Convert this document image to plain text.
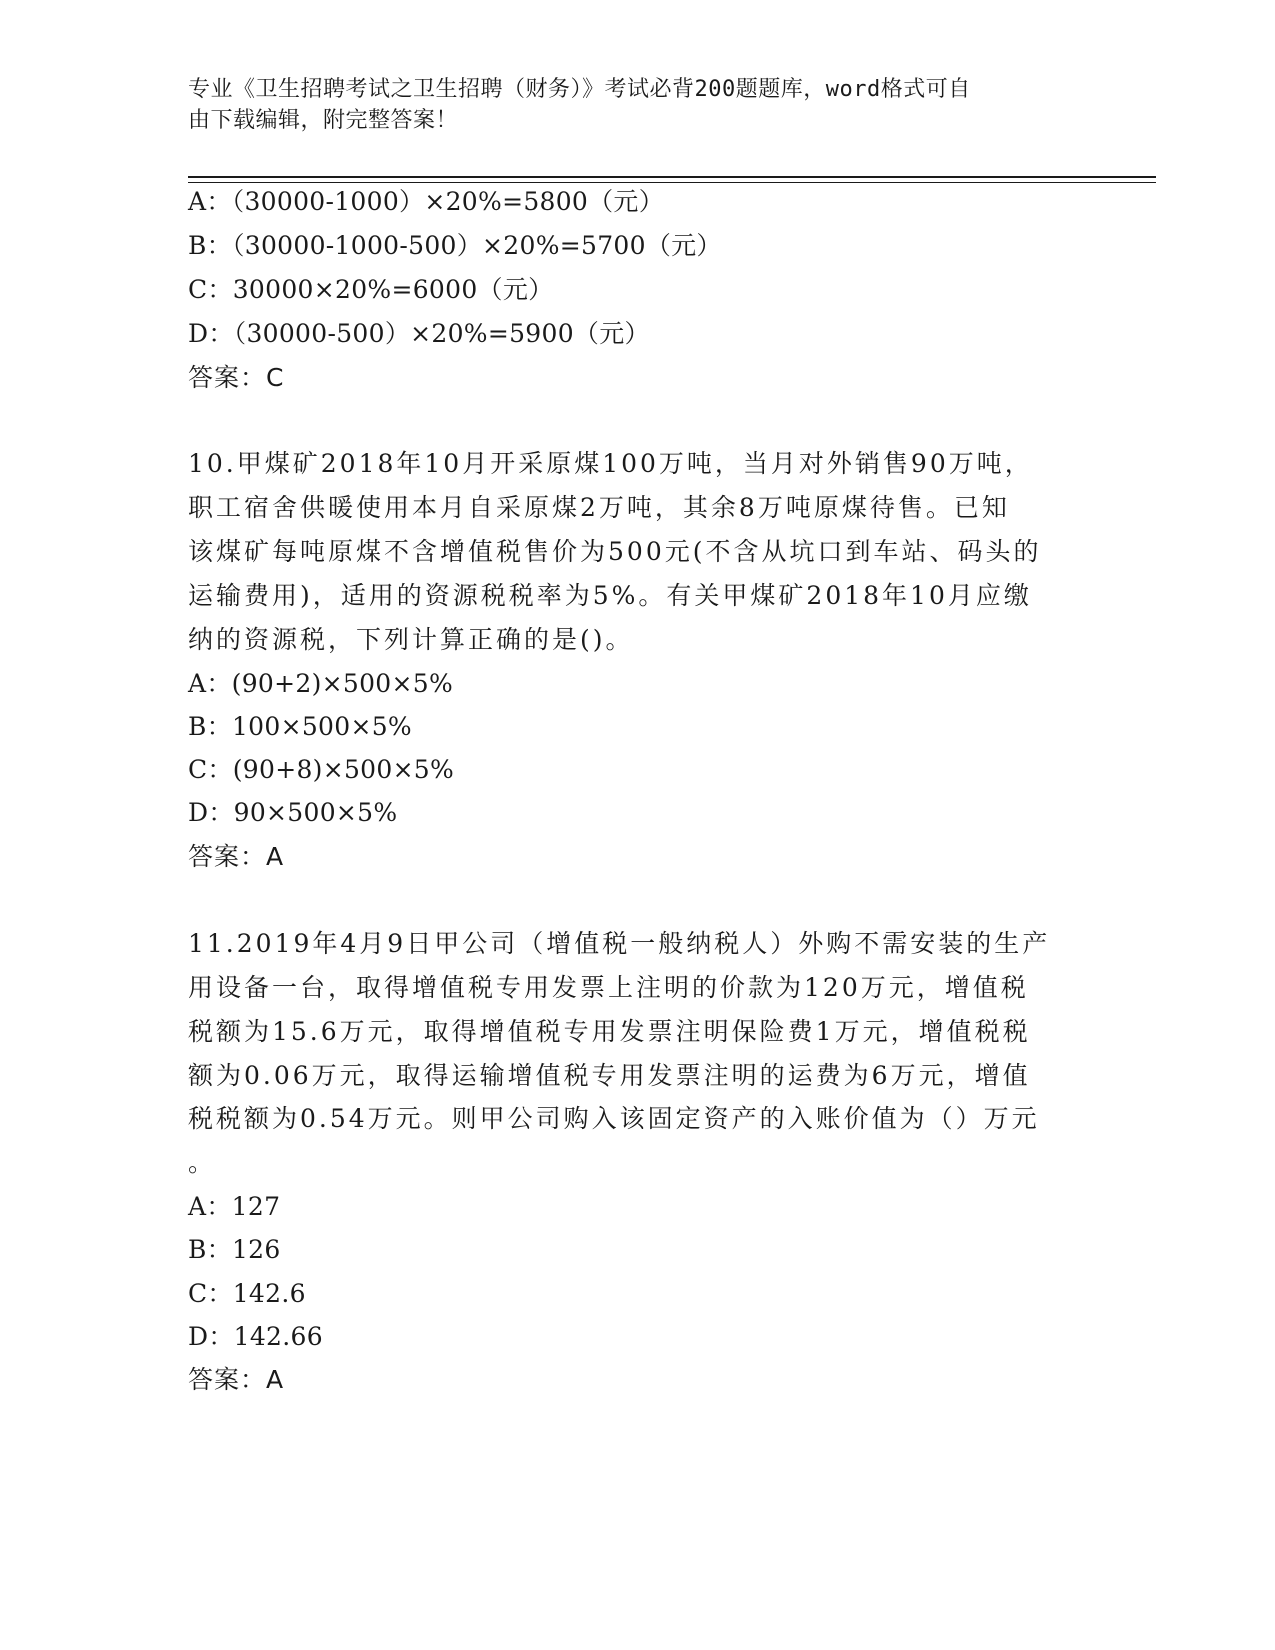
专业《卫生招聘考试之卫生招聘（财务）》考试必背200题题库，word格式可自
由下载编辑，附完整答案！
A：（30000-1000）×20%=5800（元）
B：（30000-1000-500）×20%=5700（元）
C：30000×20%=6000（元）
D：（30000-500）×20%=5900（元）
答案：C
10.甲煤矿2018年10月开采原煤100万吨，当月对外销售90万吨，
职工宿舍供暖使用本月自采原煤2万吨，其余8万吨原煤待售。已知
该煤矿每吨原煤不含增值税售价为500元(不含从坑口到车站、码头的
运输费用)，适用的资源税税率为5%。有关甲煤矿2018年10月应缴
纳的资源税，下列计算正确的是()。
A：(90+2)×500×5%
B：100×500×5%
C：(90+8)×500×5%
D：90×500×5%
答案：A
11.2019年4月9日甲公司（增值税一般纳税人）外购不需安装的生产
用设备一台，取得增值税专用发票上注明的价款为120万元，增值税
税额为15.6万元，取得增值税专用发票注明保险费1万元，增值税税
额为0.06万元，取得运输增值税专用发票注明的运费为6万元，增值
税税额为0.54万元。则甲公司购入该固定资产的入账价值为（）万元
。
A：127
B：126
C：142.6
D：142.66
答案：A
